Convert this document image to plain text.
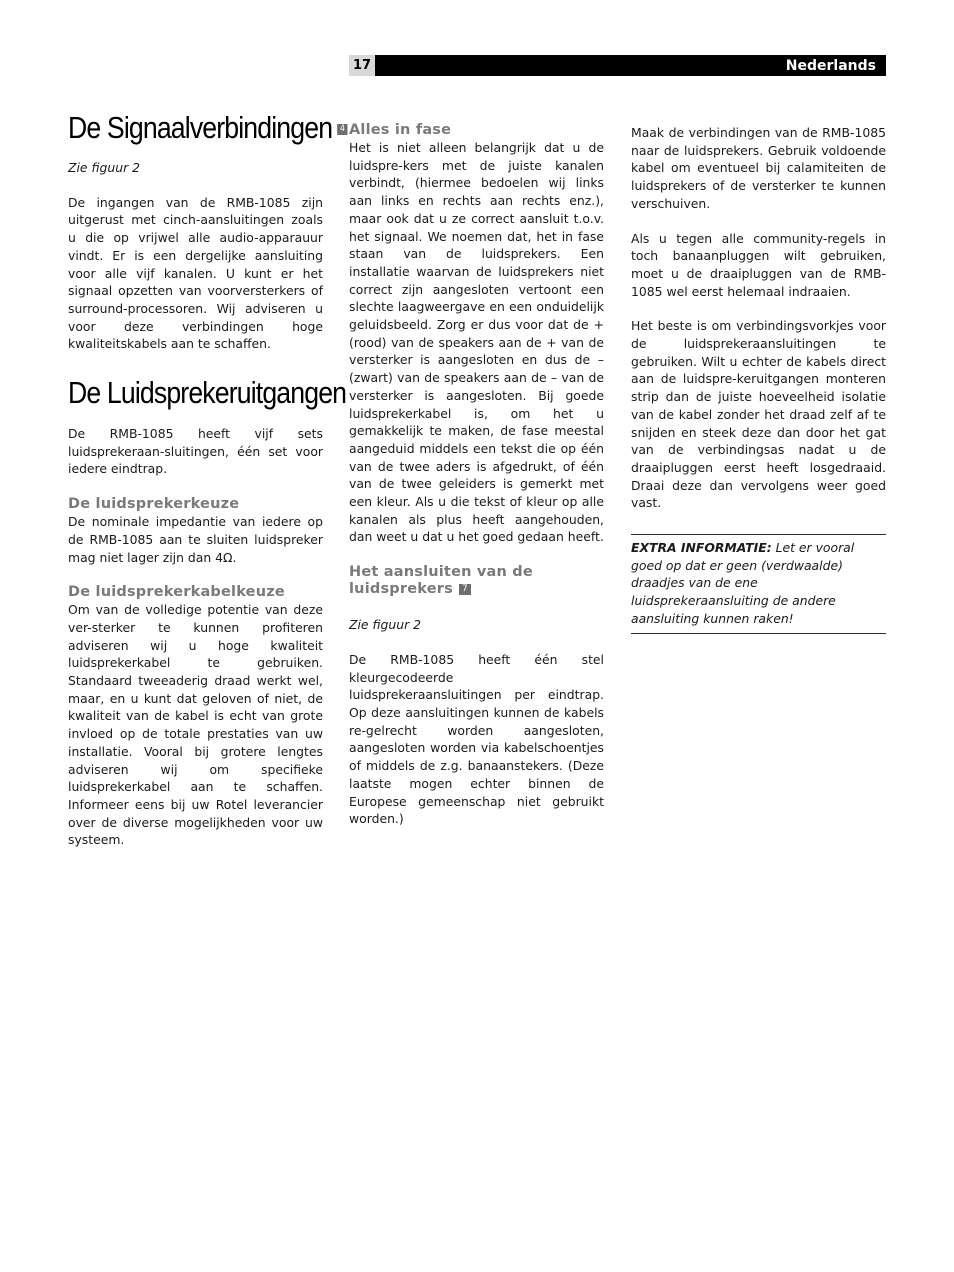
17	Nederlands
De Signaalverbindingen 4

Zie figuur 2

De ingangen van de RMB-1085 zijn uitgerust met cinch-aansluitingen zoals u die op vrijwel alle audio-apparauur vindt. Er is een dergelijke aansluiting voor alle vijf kanalen. U kunt er het signaal opzetten van voorversterkers of surround-processoren. Wij adviseren u voor deze verbindingen hoge kwaliteitskabels aan te schaffen.

De Luidsprekeruitgangen

De RMB-1085 heeft vijf sets luidsprekeraan-sluitingen, één set voor iedere eindtrap.

De luidsprekerkeuze

De nominale impedantie van iedere op de RMB-1085 aan te sluiten luidspreker mag niet lager zijn dan 4Ω.

De luidsprekerkabelkeuze

Om van de volledige potentie van deze ver-sterker te kunnen profiteren adviseren wij u hoge kwaliteit luidsprekerkabel te gebruiken. Standaard tweeaderig draad werkt wel, maar, en u kunt dat geloven of niet, de kwaliteit van de kabel is echt van grote invloed op de totale prestaties van uw installatie. Vooral bij grotere lengtes adviseren wij om specifieke luidsprekerkabel aan te schaffen. Informeer eens bij uw Rotel leverancier over de diverse mogelijkheden voor uw systeem.

Alles in fase

Het is niet alleen belangrijk dat u de luidspre-kers met de juiste kanalen verbindt, (hiermee bedoelen wij links aan links en rechts aan rechts enz.), maar ook dat u ze correct aansluit t.o.v. het signaal. We noemen dat, het in fase staan van de luidsprekers. Een installatie waarvan de luidsprekers niet correct zijn aangesloten vertoont een slechte laagweergave en een onduidelijk geluidsbeeld. Zorg er dus voor dat de + (rood) van de speakers aan de + van de versterker is aangesloten en dus de – (zwart) van de speakers aan de – van de versterker is aangesloten. Bij goede luidsprekerkabel is, om het u gemakkelijk te maken, de fase meestal aangeduid middels een tekst die op één van de twee aders is afgedrukt, of één van de twee geleiders is gemerkt met een kleur. Als u die tekst of kleur op alle kanalen als plus heeft aangehouden, dan weet u dat u het goed gedaan heeft.

Het aansluiten van de luidsprekers 7

Zie figuur 2

De RMB-1085 heeft één stel kleurgecodeerde luidsprekeraansluitingen per eindtrap. Op deze aansluitingen kunnen de kabels re-gelrecht worden aangesloten, aangesloten worden via kabelschoentjes of middels de z.g. banaanstekers. (Deze laatste mogen echter binnen de Europese gemeenschap niet gebruikt worden.)

Maak de verbindingen van de RMB-1085 naar de luidsprekers. Gebruik voldoende kabel om eventueel bij calamiteiten de luidsprekers of de versterker te kunnen verschuiven.

Als u tegen alle community-regels in toch banaanpluggen wilt gebruiken, moet u de draaipluggen van de RMB-1085 wel eerst helemaal indraaien.

Het beste is om verbindingsvorkjes voor de luidsprekeraansluitingen te gebruiken. Wilt u echter de kabels direct aan de luidspre-keruitgangen monteren strip dan de juiste hoeveelheid isolatie van de kabel zonder het draad zelf af te snijden en steek deze dan door het gat van de verbindingsas nadat u de draaipluggen eerst heeft losgedraaid. Draai deze dan vervolgens weer goed vast.

EXTRA INFORMATIE: Let er vooral goed op dat er geen (verdwaalde) draadjes van de ene luidsprekeraansluiting de andere aansluiting kunnen raken!
